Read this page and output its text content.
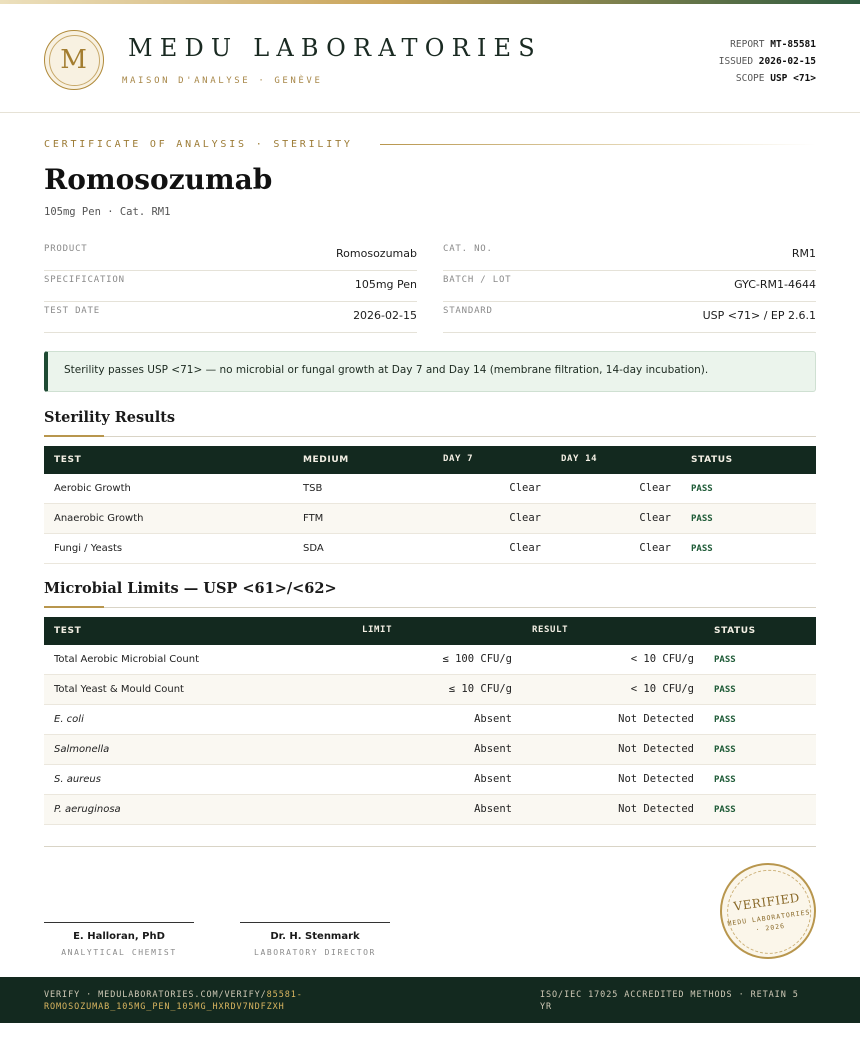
M	MEDU LABORATORIES
MAISON D'ANALYSE · GENÈVE
REPORT MT-85581
ISSUED 2026-02-15
SCOPE USP <71>
CERTIFICATE OF ANALYSIS · STERILITY
Romosozumab
105mg Pen · Cat. RM1
PRODUCT	Romosozumab	CAT. NO.	RM1
SPECIFICATION	105mg Pen	BATCH / LOT	GYC-RM1-4644
TEST DATE	2026-02-15	STANDARD	USP <71> / EP 2.6.1
Sterility passes USP <71> — no microbial or fungal growth at Day 7 and Day 14 (membrane filtration, 14-day incubation).
Sterility Results
TEST	MEDIUM	DAY 7	DAY 14	STATUS
Aerobic Growth	TSB	Clear	Clear PASS
Anaerobic Growth	FTM	Clear	Clear PASS
Fungi / Yeasts	SDA	Clear	Clear PASS
Microbial Limits — USP <61>/<62>
TEST	LIMIT	RESULT	STATUS
Total Aerobic Microbial Count	≤ 100 CFU/g	< 10 CFU/g PASS
Total Yeast & Mould Count	≤ 10 CFU/g	< 10 CFU/g PASS
E. coli	Absent	Not Detected PASS
Salmonella	Absent	Not Detected PASS
S. aureus	Absent	Not Detected PASS
P. aeruginosa	Absent	Not Detected PASS
E. Halloran, PhD
ANALYTICAL CHEMIST
Dr. H. Stenmark
LABORATORY DIRECTOR
VERIFIED
MEDU LABORATORIES · 2026
VERIFY · MEDULABORATORIES.COM/VERIFY/85581-ROMOSOZUMAB_105MG_PEN_105MG_HXRDV7NDFZXH
ISO/IEC 17025 ACCREDITED METHODS · RETAIN 5 YR
